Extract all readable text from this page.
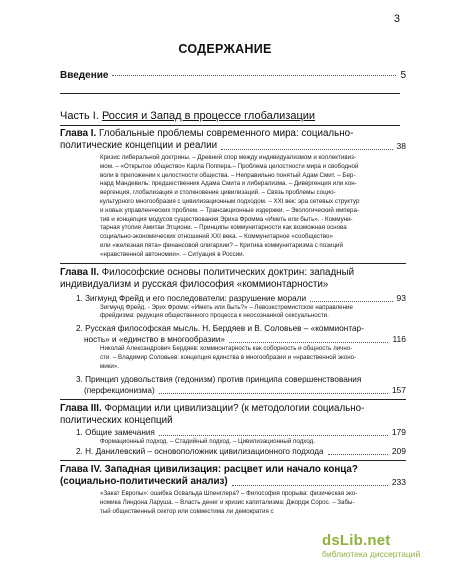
3
СОДЕРЖАНИЕ
Введение	5
Часть I. Россия и Запад в процессе глобализации
Глава I. Глобальные проблемы современного мира: социально-
политические концепции и реалии	38
Кризис либеральной доктрины. – Древний спор между индивидуализмом и коллективиз-
мом. – «Открытое общество» Карла Поппера.– Проблема целостности мира и свободной
воли в приложении к целостности общества. – Неправильно понятый Адам Смит. – Бер-
нард Мандевиль: предшественник Адама Смита и либерализма. – Дивергенция или кон-
вергенция, глобализация и столкновение цивилизаций. – Связь проблемы социо-
культурного многообразия с цивилизационным подходом. – XXI век: эра сетевых структур
и новых управленческих проблем. – Трансакционные издержки. – Экологический импера-
тив и концепция модусов существования Эриха Фромма «Иметь или быть». - Коммуни-
тарная утопия Амитаи Этциони. – Принципы коммунитарности как возможная основа
социально-экономических отношений XXI века. – Коммунитарное «сообщество»
или «железная пята» финансовой олигархии? – Критика коммунитаризма с позиций
«нравственной автономии». – Ситуация в России.
Глава II. Философские основы политических доктрин: западный
индивидуализм и русская философия «коммионтарности»
1. Зигмунд Фрейд и его последователи: разрушение морали	93
Зигмунд Фрейд. - Эрих Фромм: «Иметь или быть?» – Левоэкстремистское направление
фрейдизма: редукция общественного процесса к неосознанной сексуальности.
2. Русская философская мысль. Н. Бердяев и В. Соловьев – «коммионтар-
ность» и «единство в многообразии»	116
Николай Александрович Бердяев: коммионтарность как соборность и общность лично-
сти. – Владимир Соловьев: концепция единства в многообразии и «нравственной эконо-
мики».
3. Принцип удовольствия (гедонизм) против принципа совершенствования
(перфекционизма)	157
Глава III. Формации или цивилизации? (к методологии социально-
политических концепций
1. Общие замечания	179
Формационный подход. – Стадийный подход. – Цивилизационный подход.
2. Н. Данилевский – основоположник цивилизационного подхода	209
Глава IV. Западная цивилизация: расцвет или начало конца?
(социально-политический анализ)	233
«Закат Европы»: ошибка Освальда Шпенглера? – Философия прорыва: физическая эко-
номика Линдона Ларуша. – Власть денег и кризис капитализма: Джордж Сорос. – Забы-
тый общественный сектор или совместима ли демократия с
dsLib.net
библиотека диссертаций
